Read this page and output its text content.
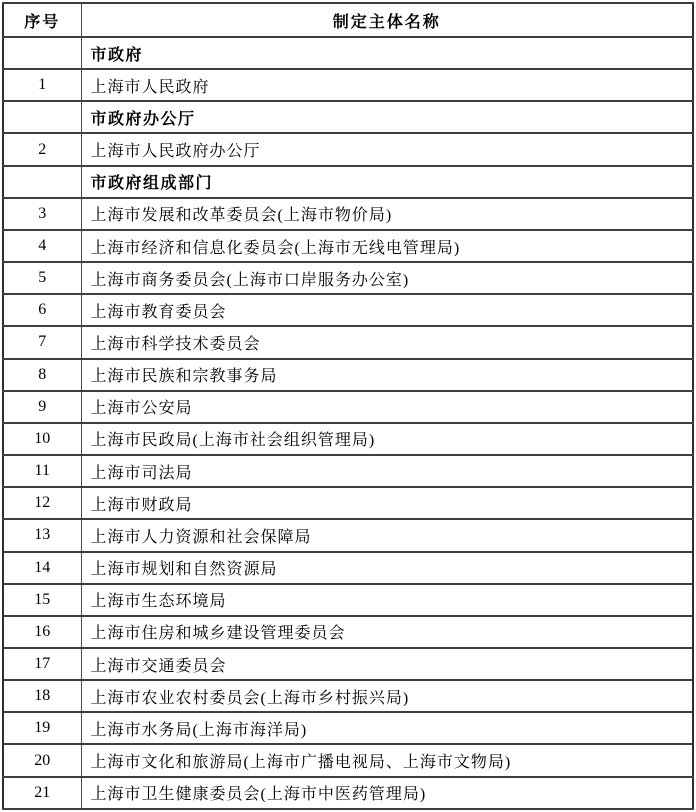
序号	制定主体名称
	市政府
1	上海市人民政府
	市政府办公厅
2	上海市人民政府办公厅
	市政府组成部门
3	上海市发展和改革委员会(上海市物价局)
4	上海市经济和信息化委员会(上海市无线电管理局)
5	上海市商务委员会(上海市口岸服务办公室)
6	上海市教育委员会
7	上海市科学技术委员会
8	上海市民族和宗教事务局
9	上海市公安局
10	上海市民政局(上海市社会组织管理局)
11	上海市司法局
12	上海市财政局
13	上海市人力资源和社会保障局
14	上海市规划和自然资源局
15	上海市生态环境局
16	上海市住房和城乡建设管理委员会
17	上海市交通委员会
18	上海市农业农村委员会(上海市乡村振兴局)
19	上海市水务局(上海市海洋局)
20	上海市文化和旅游局(上海市广播电视局、上海市文物局)
21	上海市卫生健康委员会(上海市中医药管理局)
